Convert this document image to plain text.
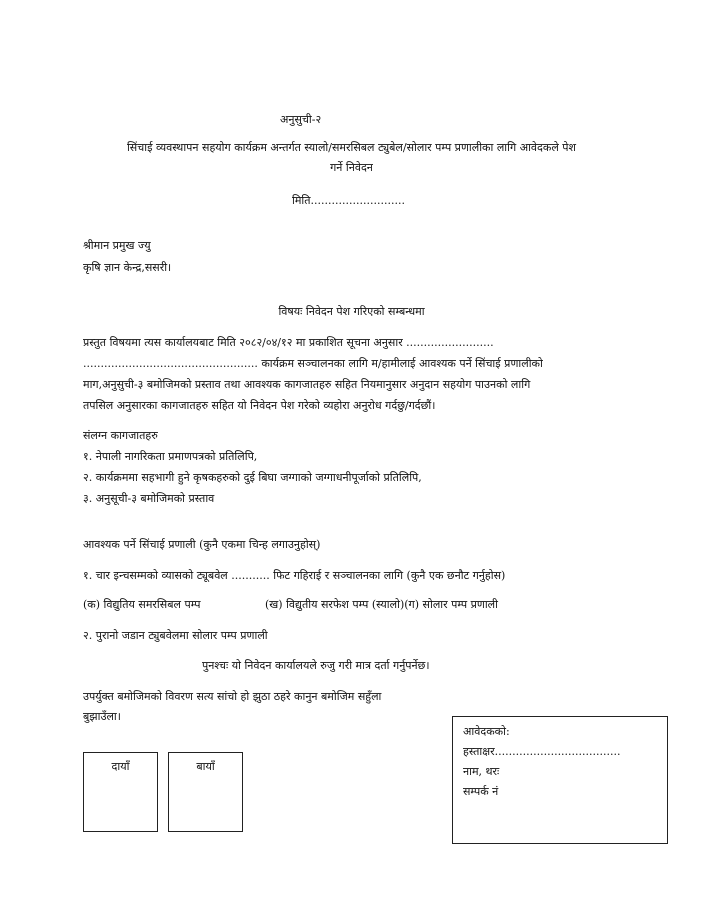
अनुसुची-२
सिंचाई व्यवस्थापन सहयोग कार्यक्रम अन्तर्गत स्यालो/समरसिबल ट्युबेल/सोलार पम्प प्रणालीका लागि आवेदकले पेश
गर्ने निवेदन
मिति...........................
श्रीमान प्रमुख ज्यु
कृषि ज्ञान केन्द्र,ससरी।
विषयः निवेदन पेश गरिएको सम्बन्धमा
प्रस्तुत विषयमा त्यस कार्यालयबाट मिति २०८२/०४/१२ मा प्रकाशित सूचना अनुसार .........................
.................................................. कार्यक्रम सञ्चालनका लागि म/हामीलाई आवश्यक पर्ने सिंचाई प्रणालीको
माग,अनुसुची-३ बमोजिमको प्रस्ताव तथा आवश्यक कागजातहरु सहित नियमानुसार अनुदान सहयोग पाउनको लागि
तपसिल अनुसारका कागजातहरु सहित यो निवेदन पेश गरेको व्यहोरा अनुरोध गर्दछु/गर्दछौं।
संलग्न कागजातहरु
१. नेपाली नागरिकता प्रमाणपत्रको प्रतिलिपि,
२. कार्यक्रममा सहभागी हुने कृषकहरुको दुई बिघा जग्गाको जग्गाधनीपूर्जाको प्रतिलिपि,
३. अनुसूची-३ बमोजिमको प्रस्ताव
आवश्यक पर्ने सिंचाई प्रणाली (कुनै एकमा चिन्ह लगाउनुहोस्)
१. चार इन्चसम्मको व्यासको ट्यूबवेल ........... फिट गहिराई र सञ्चालनका लागि (कुनै एक छनौट गर्नुहोस)
(क) विद्युतिय समरसिबल पम्प	(ख) विद्युतीय सरफेश पम्प (स्यालो)(ग) सोलार पम्प प्रणाली
२. पुरानो जडान ट्युबवेलमा सोलार पम्प प्रणाली
पुनश्चः यो निवेदन कार्यालयले रुजु गरी मात्र दर्ता गर्नुपर्नेछ।
उपर्युक्त बमोजिमको विवरण सत्य सांचो हो झुठा ठहरे कानुन बमोजिम सहुँला
बुझाउँला।
दायाँ	बायाँ
आवेदकको:
हस्ताक्षर....................................
नाम, थरः
सम्पर्क नं
